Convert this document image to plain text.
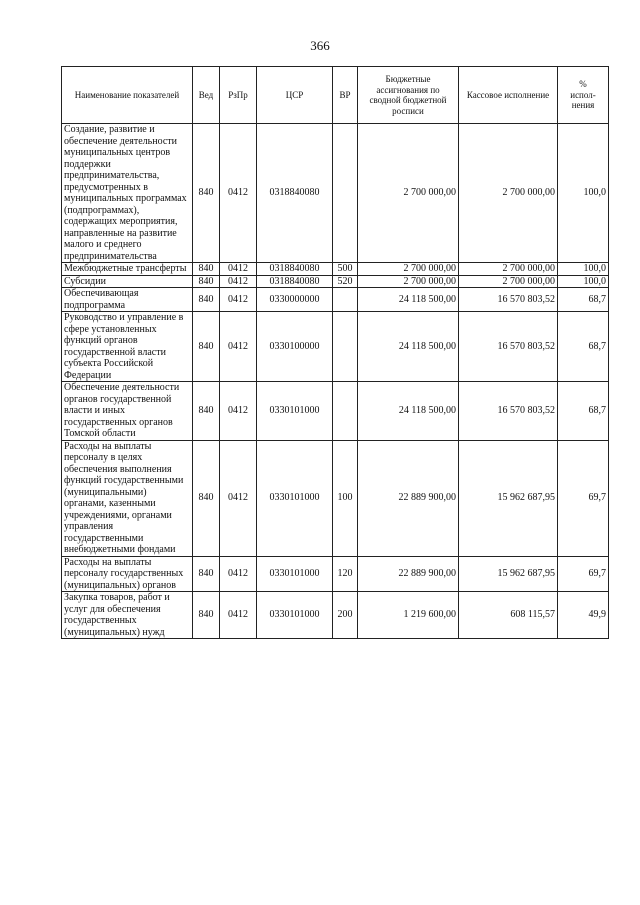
366
Наименование показателей	Вед	РзПр	ЦСР	ВР	Бюджетные ассигнования по сводной бюджетной росписи	Кассовое исполнение	%
испол-нения

Создание, развитие и обеспечение деятельности муниципальных центров поддержки предпринимательства, предусмотренных в муниципальных программах (подпрограммах), содержащих мероприятия, направленные на развитие малого и среднего предпринимательства	840	0412	0318840080		2 700 000,00	2 700 000,00	100,0
Межбюджетные трансферты	840	0412	0318840080	500	2 700 000,00	2 700 000,00	100,0
Субсидии	840	0412	0318840080	520	2 700 000,00	2 700 000,00	100,0
Обеспечивающая подпрограмма	840	0412	0330000000		24 118 500,00	16 570 803,52	68,7
Руководство и управление в сфере установленных функций органов государственной власти субъекта Российской Федерации	840	0412	0330100000		24 118 500,00	16 570 803,52	68,7
Обеспечение деятельности органов государственной власти и иных государственных органов Томской области	840	0412	0330101000		24 118 500,00	16 570 803,52	68,7
Расходы на выплаты персоналу в целях обеспечения выполнения функций государственными (муниципальными) органами, казенными учреждениями, органами управления государственными внебюджетными фондами	840	0412	0330101000	100	22 889 900,00	15 962 687,95	69,7
Расходы на выплаты персоналу государственных (муниципальных) органов	840	0412	0330101000	120	22 889 900,00	15 962 687,95	69,7
Закупка товаров, работ и услуг для обеспечения государственных (муниципальных) нужд	840	0412	0330101000	200	1 219 600,00	608 115,57	49,9
